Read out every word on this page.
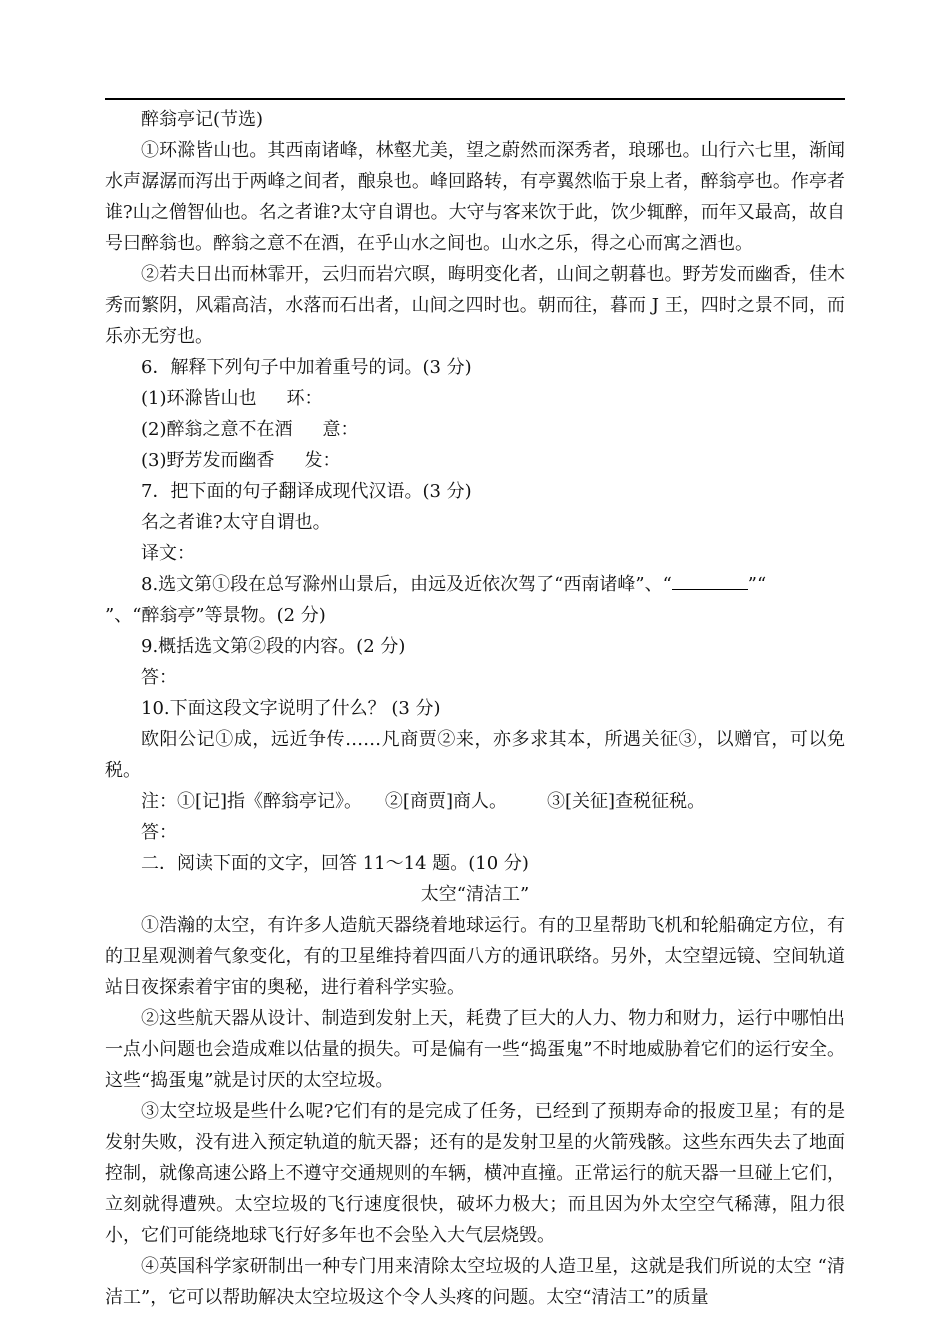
醉翁亭记(节选)

①环滁皆山也。其西南诸峰，林壑尤美，望之蔚然而深秀者，琅琊也。山行六七里，渐闻水声潺潺而泻出于两峰之间者，酿泉也。峰回路转，有亭翼然临于泉上者，醉翁亭也。作亭者谁?山之僧智仙也。名之者谁?太守自谓也。大守与客来饮于此，饮少辄醉，而年又最高，故自号曰醉翁也。醉翁之意不在酒，在乎山水之间也。山水之乐，得之心而寓之酒也。

②若夫日出而林霏开，云归而岩穴暝，晦明变化者，山间之朝暮也。野芳发而幽香，佳木秀而繁阴，风霜高洁，水落而石出者，山间之四时也。朝而往，暮而 J 王，四时之景不同，而乐亦无穷也。

6．解释下列句子中加着重号的词。(3 分)

(1)环滁皆山也 环：

(2)醉翁之意不在酒 意：

(3)野芳发而幽香 发：

7．把下面的句子翻译成现代汉语。(3 分)

名之者谁?太守自谓也。

译文：

8.选文第①段在总写滁州山景后，由远及近依次驾了“西南诸峰”、“	”“
”、“醉翁亭”等景物。(2 分)

9.概括选文第②段的内容。(2 分)

答：

10.下面这段文字说明了什么？ (3 分)

欧阳公记①成，远近争传……凡商贾②来，亦多求其本，所遇关征③，以赠官，可以免税。

注：①[记]指《醉翁亭记》。    ②[商贾]商人。       ③[关征]查税征税。

答：

二．阅读下面的文字，回答 11～14 题。(10 分)

太空“清洁工”

①浩瀚的太空，有许多人造航天器绕着地球运行。有的卫星帮助飞机和轮船确定方位，有的卫星观测着气象变化，有的卫星维持着四面八方的通讯联络。另外，太空望远镜、空间轨道站日夜探索着宇宙的奥秘，进行着科学实验。

②这些航天器从设计、制造到发射上天，耗费了巨大的人力、物力和财力，运行中哪怕出一点小问题也会造成难以估量的损失。可是偏有一些“捣蛋鬼”不时地威胁着它们的运行安全。这些“捣蛋鬼”就是讨厌的太空垃圾。

③太空垃圾是些什么呢?它们有的是完成了任务，已经到了预期寿命的报废卫星；有的是发射失败，没有进入预定轨道的航天器；还有的是发射卫星的火箭残骸。这些东西失去了地面控制，就像高速公路上不遵守交通规则的车辆，横冲直撞。正常运行的航天器一旦碰上它们，立刻就得遭殃。太空垃圾的飞行速度很快，破坏力极大；而且因为外太空空气稀薄，阻力很小，它们可能绕地球飞行好多年也不会坠入大气层烧毁。

④英国科学家研制出一种专门用来清除太空垃圾的人造卫星，这就是我们所说的太空 “清洁工”，它可以帮助解决太空垃圾这个令人头疼的问题。太空“清洁工”的质量
